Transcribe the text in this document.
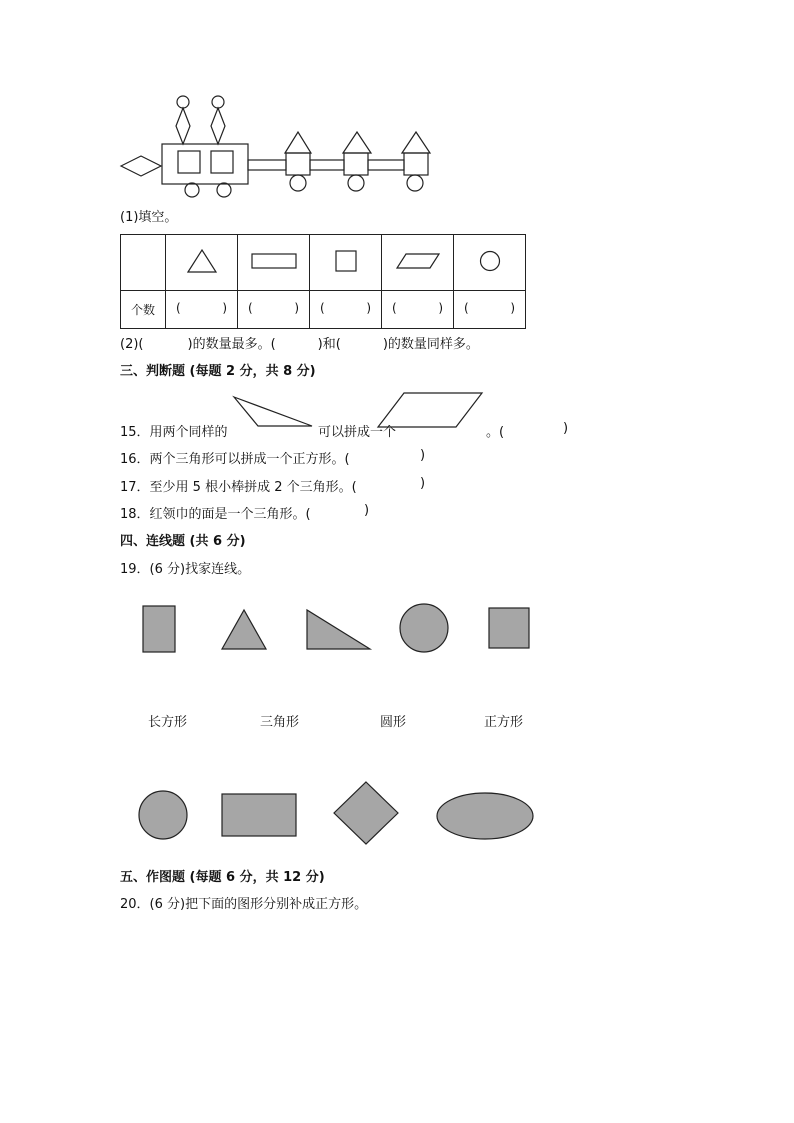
(1)填空。

个数	( )	( )	( )	( )	( )
(2)(	)的数量最多。(	)和(	)的数量同样多。
三、判断题 (每题 2 分，共 8 分)
15．用两个同样的	可以拼成一个	。(	)
16．两个三角形可以拼成一个正方形。(	)
17．至少用 5 根小棒拼成 2 个三角形。(	)
18．红领巾的面是一个三角形。(	)
四、连线题 (共 6 分)
19．(6 分)找家连线。
长方形	三角形	圆形	正方形
五、作图题 (每题 6 分，共 12 分)
20．(6 分)把下面的图形分别补成正方形。
